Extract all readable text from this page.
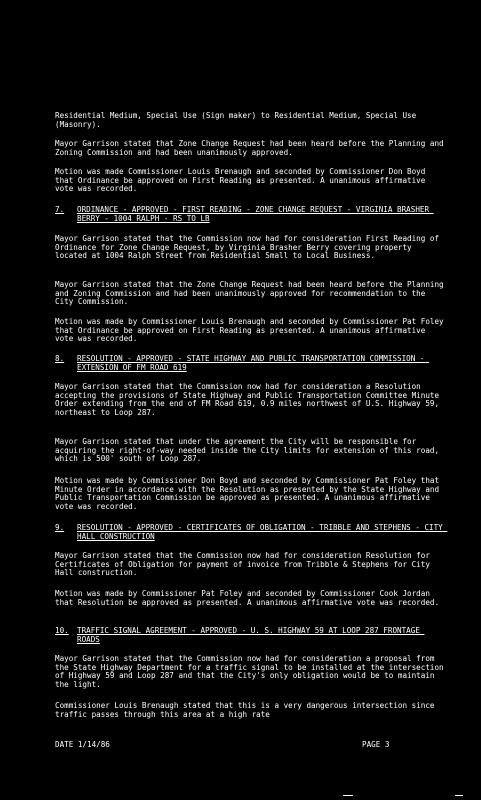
Residential Medium, Special Use (Sign maker) to Residential Medium, Special Use (Masonry).
Mayor Garrison stated that Zone Change Request had been heard before the Planning and Zoning Commission and had been unanimously approved.
Motion was made Commissioner Louis Brenaugh and seconded by Commissioner Don Boyd that Ordinance be approved on First Reading as presented. A unanimous affirmative vote was recorded.
7. ORDINANCE - APPROVED - FIRST READING - ZONE CHANGE REQUEST - VIRGINIA BRASHER BERRY - 1004 RALPH - RS TO LB
Mayor Garrison stated that the Commission now had for consideration First Reading of Ordinance for Zone Change Request, by Virginia Brasher Berry covering property located at 1004 Ralph Street from Residential Small to Local Business.
Mayor Garrison stated that the Zone Change Request had been heard before the Planning and Zoning Commission and had been unanimously approved for recommendation to the City Commission.
Motion was made by Commissioner Louis Brenaugh and seconded by Commissioner Pat Foley that Ordinance be approved on First Reading as presented. A unanimous affirmative vote was recorded.
8. RESOLUTION - APPROVED - STATE HIGHWAY AND PUBLIC TRANSPORTATION COMMISSION - EXTENSION OF FM ROAD 619
Mayor Garrison stated that the Commission now had for consideration a Resolution accepting the provisions of State Highway and Public Transportation Committee Minute Order extending from the end of FM Road 619, 0.9 miles northwest of U.S. Highway 59, northeast to Loop 287.
Mayor Garrison stated that under the agreement the City will be responsible for acquiring the right-of-way needed inside the City limits for extension of this road, which is 500' south of Loop 287.
Motion was made by Commissioner Don Boyd and seconded by Commissioner Pat Foley that Minute Order in accordance with the Resolution as presented by the State Highway and Public Transportation Commission be approved as presented. A unanimous affirmative vote was recorded.
9. RESOLUTION - APPROVED - CERTIFICATES OF OBLIGATION - TRIBBLE AND STEPHENS - CITY HALL CONSTRUCTION
Mayor Garrison stated that the Commission now had for consideration Resolution for Certificates of Obligation for payment of invoice from Tribble & Stephens for City Hall construction.
Motion was made by Commissioner Pat Foley and seconded by Commissioner Cook Jordan that Resolution be approved as presented. A unanimous affirmative vote was recorded.
10. TRAFFIC SIGNAL AGREEMENT - APPROVED - U. S. HIGHWAY 59 AT LOOP 287 FRONTAGE ROADS
Mayor Garrison stated that the Commission now had for consideration a proposal from the State Highway Department for a traffic signal to be installed at the intersection of Highway 59 and Loop 287 and that the City's only obligation would be to maintain the light.
Commissioner Louis Brenaugh stated that this is a very dangerous intersection since traffic passes through this area at a high rate
DATE 1/14/86	PAGE 3
